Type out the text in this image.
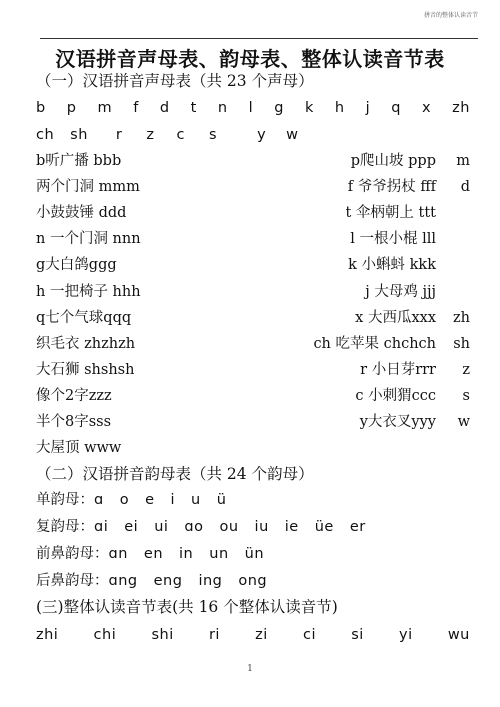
拼音的整体认读音节
汉语拼音声母表、韵母表、整体认读音节表
（一）汉语拼音声母表（共 23 个声母）
b p m f d t n l g k h j q x zh
ch sh r z c s	y w
b听广播 bbb	p爬山坡 ppp	m
两个门洞 mmm	f 爷爷拐杖 fff	d
小鼓鼓锤 ddd	t 伞柄朝上 ttt
n 一个门洞 nnn	l 一根小棍 lll
g大白鸽ggg	k 小蝌蚪 kkk
h 一把椅子 hhh	j 大母鸡 jjj
q七个气球qqq	x 大西瓜xxx	zh
织毛衣 zhzhzh	ch 吃苹果 chchch	sh
大石狮 shshsh	r 小日芽rrr	z
像个2字zzz	c 小刺猬ccc	s
半个8字sss	y大衣叉yyy	w
大屋顶 www
（二）汉语拼音韵母表（共 24 个韵母）
单韵母：ɑ o e i u ü
复韵母：ɑi ei ui ɑo ou iu ie üe er
前鼻韵母：ɑn en in un ün
后鼻韵母：ɑng eng ing ong
(三)整体认读音节表(共 16 个整体认读音节)
zhi chi shi ri zi ci si yi wu
1
